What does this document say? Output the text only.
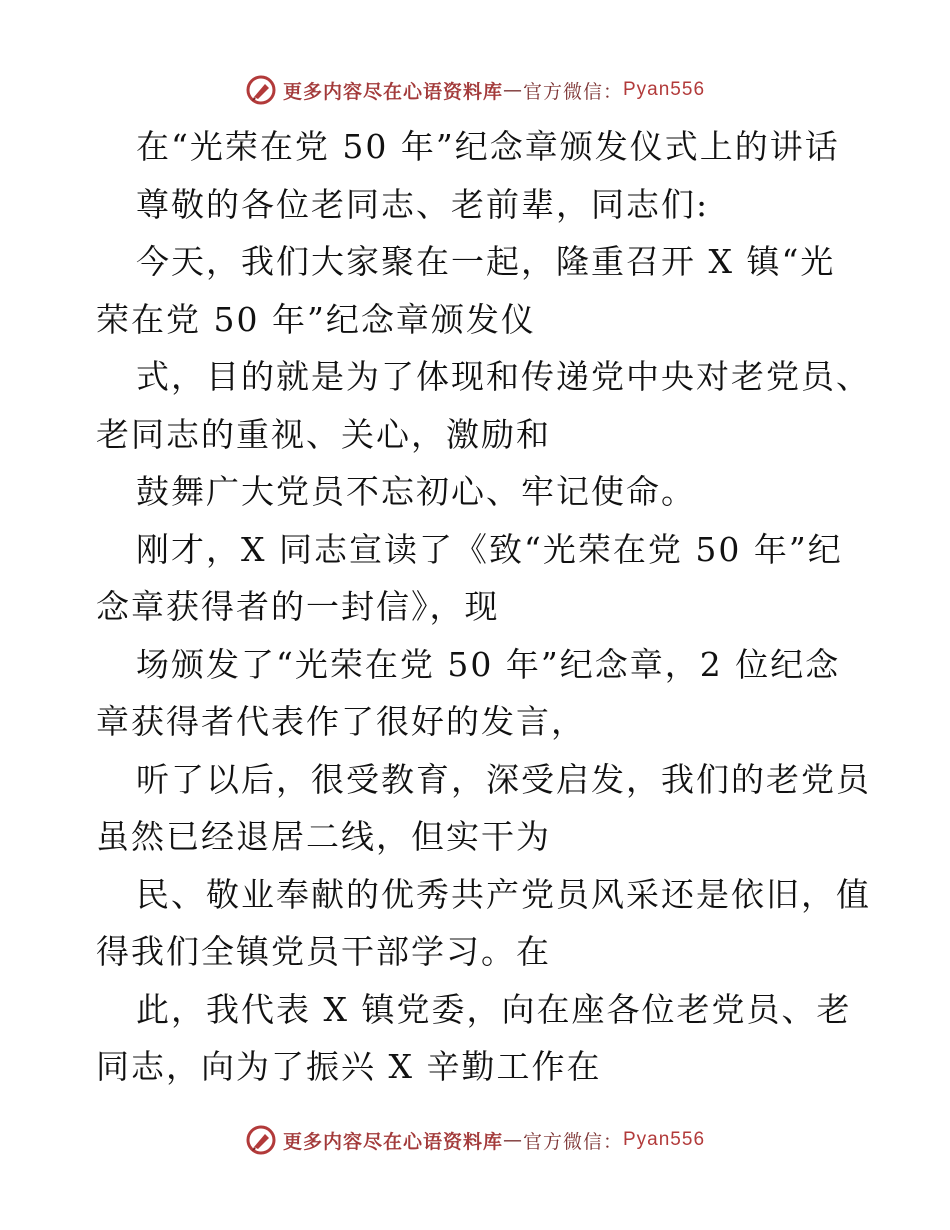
更多内容尽在心语资料库 — 官方微信： Pyan556
在“光荣在党 50 年”纪念章颁发仪式上的讲话
尊敬的各位老同志、老前辈，同志们:
今天，我们大家聚在一起，隆重召开 X 镇“光
荣在党 50 年”纪念章颁发仪
式，目的就是为了体现和传递党中央对老党员、
老同志的重视、关心，激励和
鼓舞广大党员不忘初心、牢记使命。
刚才，X 同志宣读了《致“光荣在党 50 年”纪
念章获得者的一封信》，现
场颁发了“光荣在党 50 年”纪念章，2 位纪念
章获得者代表作了很好的发言，
听了以后，很受教育，深受启发，我们的老党员
虽然已经退居二线，但实干为
民、敬业奉献的优秀共产党员风采还是依旧，值
得我们全镇党员干部学习。在
此，我代表 X 镇党委，向在座各位老党员、老
同志，向为了振兴 X 辛勤工作在
更多内容尽在心语资料库 — 官方微信： Pyan556
